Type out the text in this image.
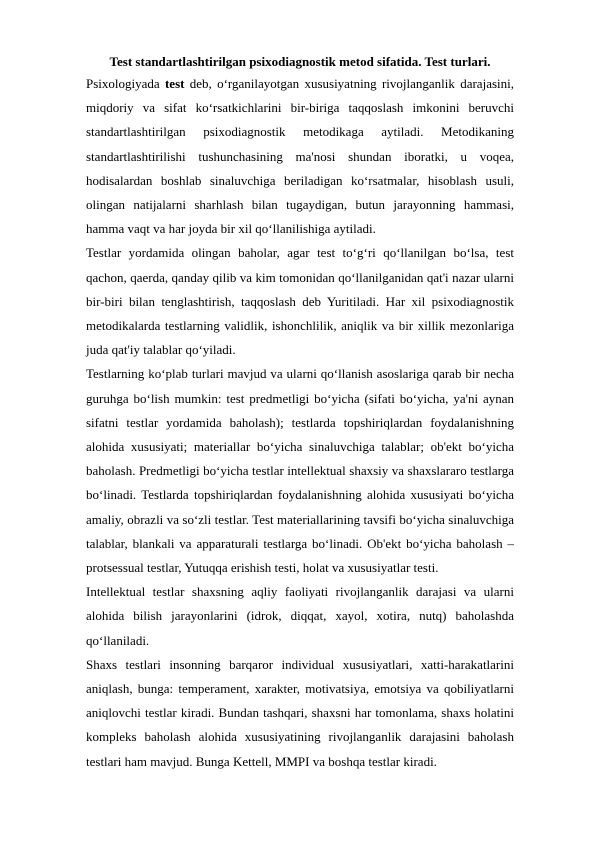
Test standartlashtirilgan psixodiagnostik metod sifatida. Test turlari.

Psixologiyada test deb, o‘rganilayotgan xususiyatning rivojlanganlik darajasini, miqdoriy va sifat ko‘rsatkichlarini bir-biriga taqqoslash imkonini beruvchi standartlashtirilgan psixodiagnostik metodikaga aytiladi. Metodikaning standartlashtirilishi tushunchasining ma'nosi shundan iboratki, u voqea, hodisalardan boshlab sinaluvchiga beriladigan ko‘rsatmalar, hisoblash usuli, olingan natijalarni sharhlash bilan tugaydigan, butun jarayonning hammasi, hamma vaqt va har joyda bir xil qo‘llanilishiga aytiladi.

Testlar yordamida olingan baholar, agar test to‘g‘ri qo‘llanilgan bo‘lsa, test qachon, qaerda, qanday qilib va kim tomonidan qo‘llanilganidan qat'i nazar ularni bir-biri bilan tenglashtirish, taqqoslash deb Yuritiladi. Har xil psixodiagnostik metodikalarda testlarning validlik, ishonchlilik, aniqlik va bir xillik mezonlariga juda qat'iy talablar qo‘yiladi.

Testlarning ko‘plab turlari mavjud va ularni qo‘llanish asoslariga qarab bir necha guruhga bo‘lish mumkin: test predmetligi bo‘yicha (sifati bo‘yicha, ya'ni aynan sifatni testlar yordamida baholash); testlarda topshiriqlardan foydalanishning alohida xususiyati; materiallar bo‘yicha sinaluvchiga talablar; ob'ekt bo‘yicha baholash. Predmetligi bo‘yicha testlar intellektual shaxsiy va shaxslararo testlarga bo‘linadi. Testlarda topshiriqlardan foydalanishning alohida xususiyati bo‘yicha amaliy, obrazli va so‘zli testlar. Test materiallarining tavsifi bo‘yicha sinaluvchiga talablar, blankali va apparaturali testlarga bo‘linadi. Ob'ekt bo‘yicha baholash – protsessual testlar, Yutuqqa erishish testi, holat va xususiyatlar testi.

Intellektual testlar shaxsning aqliy faoliyati rivojlanganlik darajasi va ularni alohida bilish jarayonlarini (idrok, diqqat, xayol, xotira, nutq) baholashda qo‘llaniladi.

Shaxs testlari insonning barqaror individual xususiyatlari, xatti-harakatlarini aniqlash, bunga: temperament, xarakter, motivatsiya, emotsiya va qobiliyatlarni aniqlovchi testlar kiradi. Bundan tashqari, shaxsni har tomonlama, shaxs holatini kompleks baholash alohida xususiyatining rivojlanganlik darajasini baholash testlari ham mavjud. Bunga Kettell, MMPI va boshqa testlar kiradi.
